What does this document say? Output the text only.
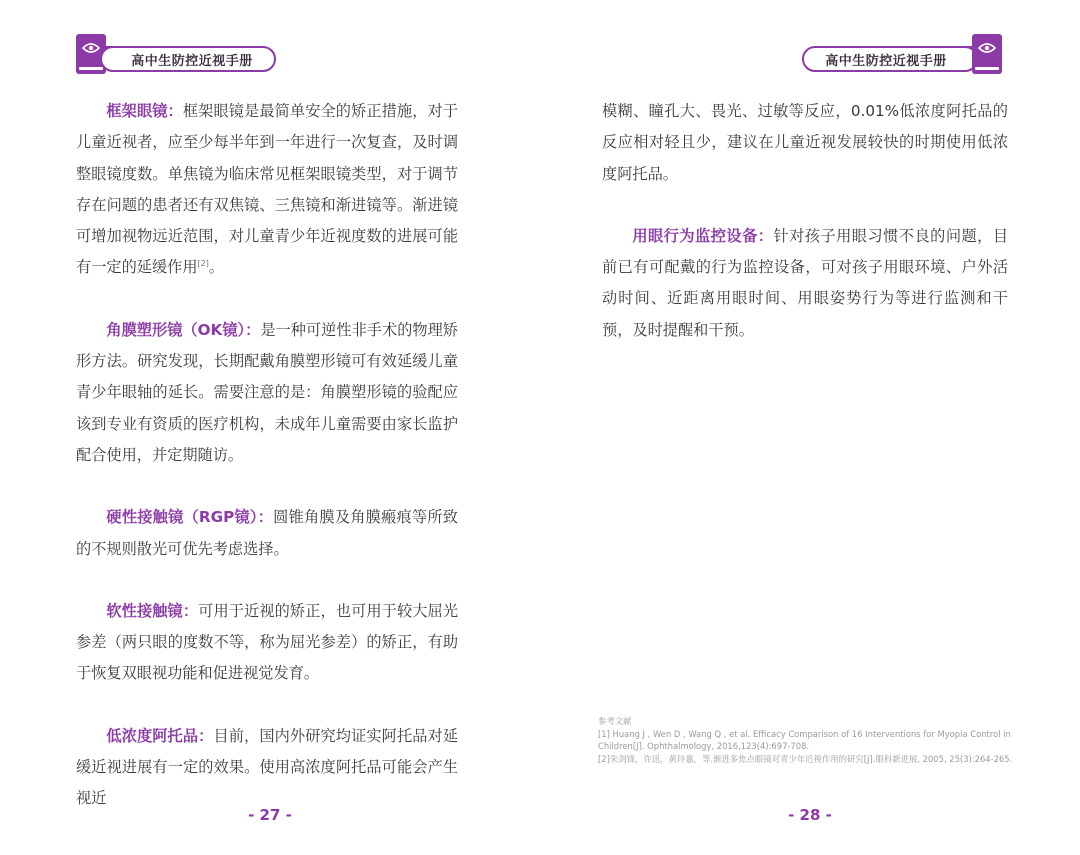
高中生防控近视手册

框架眼镜：框架眼镜是最简单安全的矫正措施，对于儿童近视者，应至少每半年到一年进行一次复查，及时调整眼镜度数。单焦镜为临床常见框架眼镜类型，对于调节存在问题的患者还有双焦镜、三焦镜和渐进镜等。渐进镜可增加视物远近范围，对儿童青少年近视度数的进展可能有一定的延缓作用[2]。

角膜塑形镜（OK镜）：是一种可逆性非手术的物理矫形方法。研究发现，长期配戴角膜塑形镜可有效延缓儿童青少年眼轴的延长。需要注意的是：角膜塑形镜的验配应该到专业有资质的医疗机构，未成年儿童需要由家长监护配合使用，并定期随访。

硬性接触镜（RGP镜）：圆锥角膜及角膜瘢痕等所致的不规则散光可优先考虑选择。

软性接触镜：可用于近视的矫正，也可用于较大屈光参差（两只眼的度数不等，称为屈光参差）的矫正，有助于恢复双眼视功能和促进视觉发育。

低浓度阿托品：目前，国内外研究均证实阿托品对延缓近视进展有一定的效果。使用高浓度阿托品可能会产生视近

- 27 -
高中生防控近视手册

模糊、瞳孔大、畏光、过敏等反应，0.01%低浓度阿托品的反应相对轻且少，建议在儿童近视发展较快的时期使用低浓度阿托品。

用眼行为监控设备：针对孩子用眼习惯不良的问题，目前已有可配戴的行为监控设备，可对孩子用眼环境、户外活动时间、近距离用眼时间、用眼姿势行为等进行监测和干预，及时提醒和干预。

参考文献
[1] Huang J , Wen D , Wang Q , et al. Efficacy Comparison of 16 Interventions for Myopia Control in Children[J]. Ophthalmology, 2016,123(4):697-708.
[2]朱剑锋，许迅，黄玲嘉，等.渐进多焦点眼镜对青少年近视作用的研究[J].眼科新进展, 2005, 25(3):264-265.
- 28 -
